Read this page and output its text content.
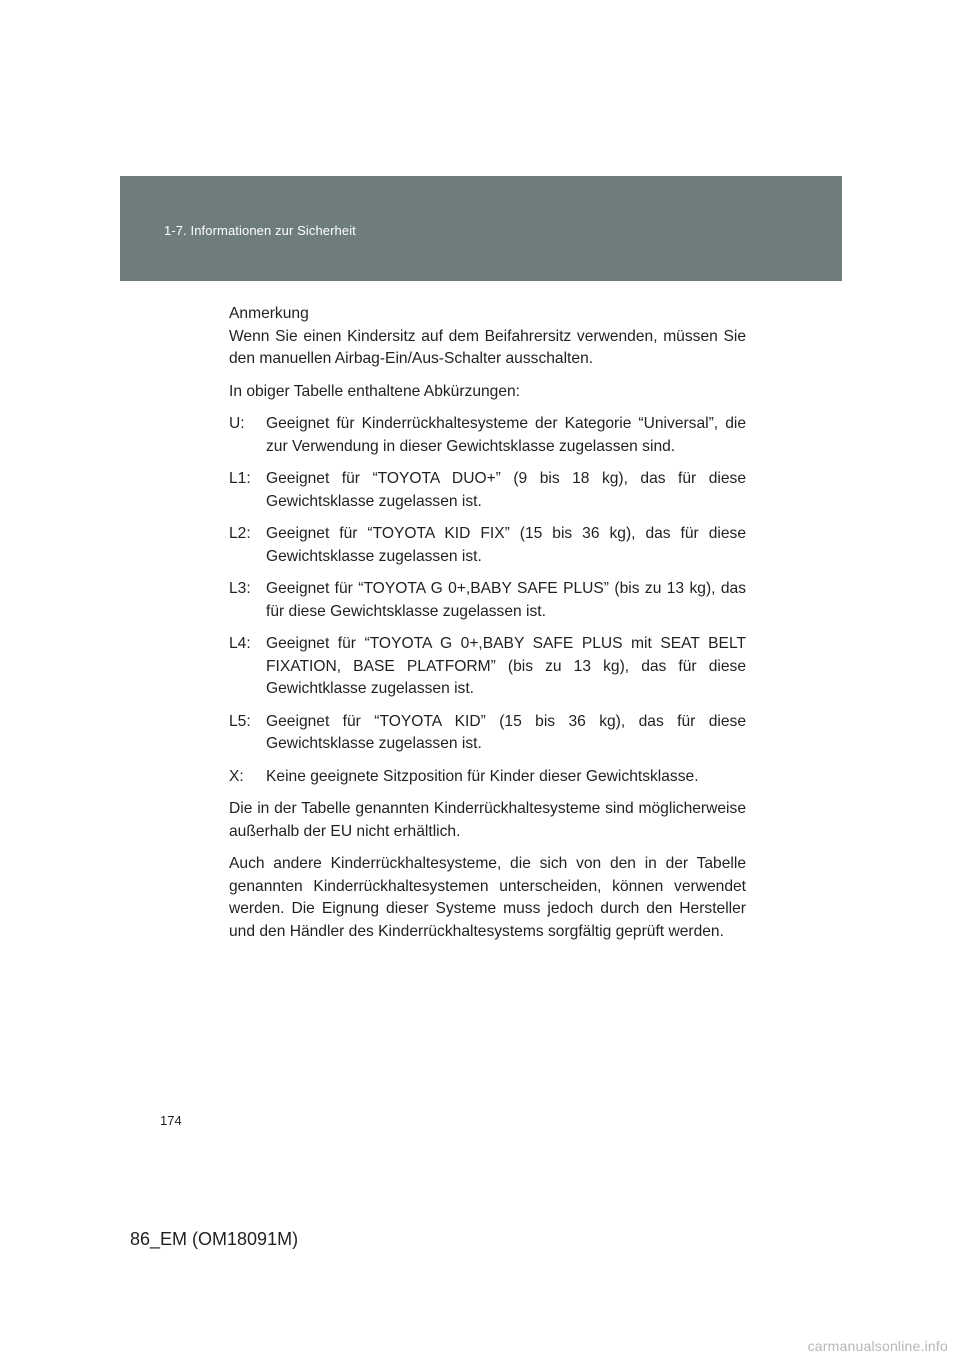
1-7. Informationen zur Sicherheit

Anmerkung

Wenn Sie einen Kindersitz auf dem Beifahrersitz verwenden, müssen Sie den manuellen Airbag-Ein/Aus-Schalter ausschalten.

In obiger Tabelle enthaltene Abkürzungen:

U:	Geeignet für Kinderrückhaltesysteme der Kategorie “Universal”, die zur Verwendung in dieser Gewichtsklasse zugelassen sind.
L1: Geeignet für “TOYOTA DUO+” (9 bis 18 kg), das für diese Gewichtsklasse zugelassen ist.
L2: Geeignet für “TOYOTA KID FIX” (15 bis 36 kg), das für diese Gewichtsklasse zugelassen ist.
L3: Geeignet für “TOYOTA G 0+,BABY SAFE PLUS” (bis zu 13 kg), das für diese Gewichtsklasse zugelassen ist.
L4: Geeignet für “TOYOTA G 0+,BABY SAFE PLUS mit SEAT BELT FIXATION, BASE PLATFORM” (bis zu 13 kg), das für diese Gewichtklasse zugelassen ist.
L5: Geeignet für “TOYOTA KID” (15 bis 36 kg), das für diese Gewichtsklasse zugelassen ist.
X:	Keine geeignete Sitzposition für Kinder dieser Gewichtsklasse.

Die in der Tabelle genannten Kinderrückhaltesysteme sind möglicherweise außerhalb der EU nicht erhältlich.

Auch andere Kinderrückhaltesysteme, die sich von den in der Tabelle genannten Kinderrückhaltesystemen unterscheiden, können verwendet werden. Die Eignung dieser Systeme muss jedoch durch den Hersteller und den Händler des Kinderrückhaltesystems sorgfältig geprüft werden.

174
86_EM (OM18091M)
carmanualsonline.info
